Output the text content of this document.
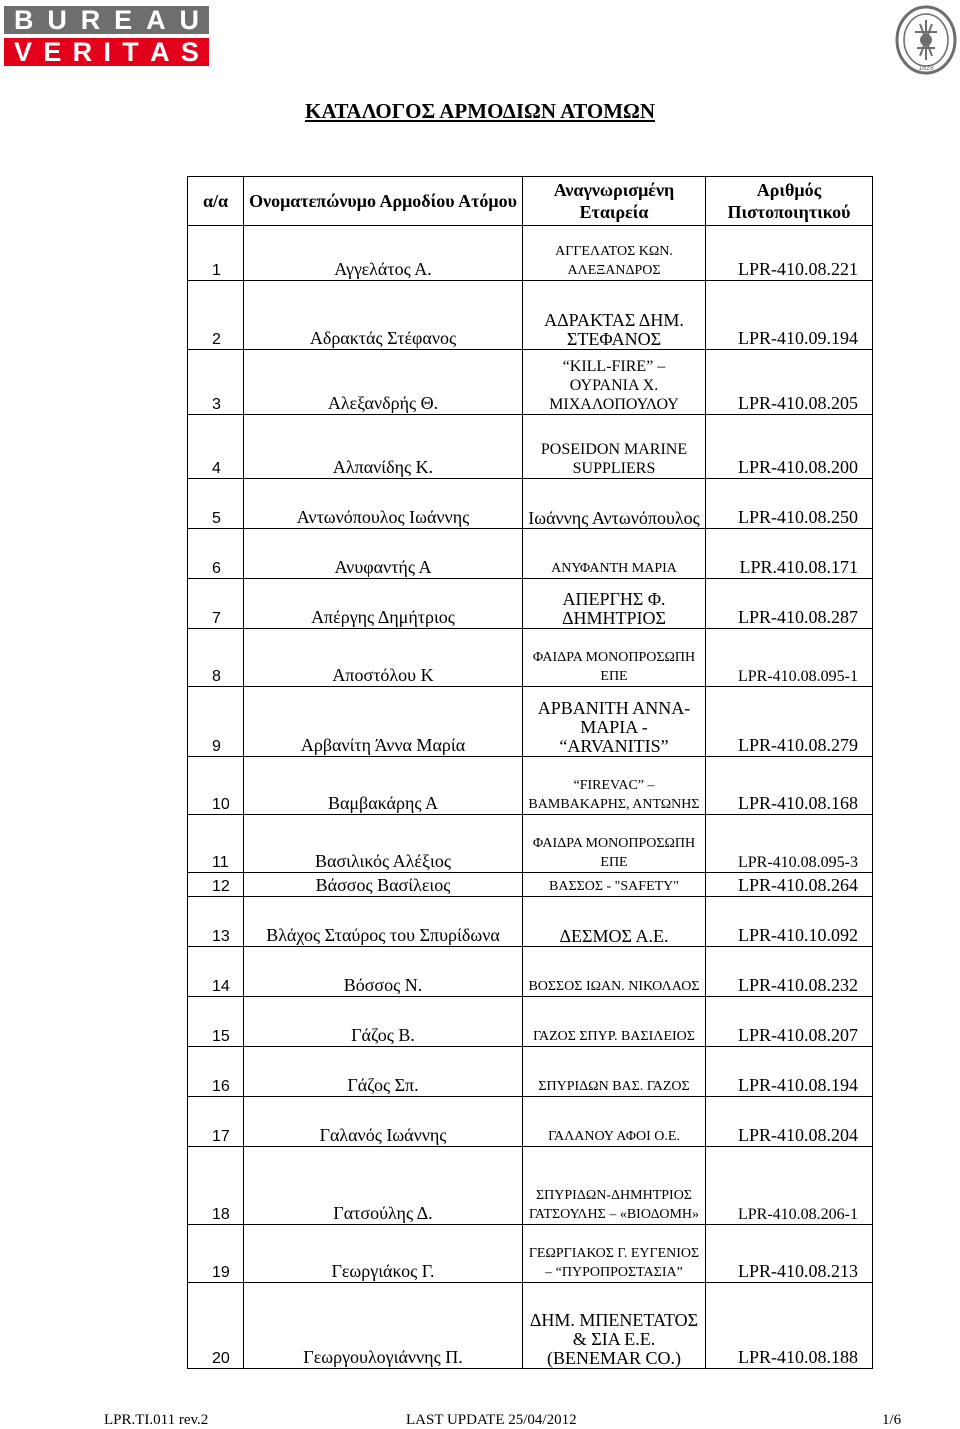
B U R E A U
V E R I T A S
1828
ΚΑΤΑΛΟΓΟΣ ΑΡΜΟΔΙΩΝ ΑΤΟΜΩΝ
α/α	Ονοματεπώνυμο Αρμοδίου Ατόμου	Αναγνωρισμένη Εταιρεία	Αριθμός Πιστοποιητικού
1	Αγγελάτος Α.	ΑΓΓΕΛΑΤΟΣ ΚΩΝ. ΑΛΕΞΑΝΔΡΟΣ	LPR-410.08.221
2	Αδρακτάς Στέφανος	ΑΔΡΑΚΤΑΣ ΔΗΜ. ΣΤΕΦΑΝΟΣ	LPR-410.09.194
3	Αλεξανδρής Θ.	“KILL-FIRE” – ΟΥΡΑΝΙΑ Χ. ΜΙΧΑΛΟΠΟΥΛΟΥ	LPR-410.08.205
4	Αλπανίδης Κ.	POSEIDON MARINE SUPPLIERS	LPR-410.08.200
5	Αντωνόπουλος Ιωάννης	Ιωάννης Αντωνόπουλος	LPR-410.08.250
6	Ανυφαντής Α	ΑΝΥΦΑΝΤΗ ΜΑΡΙΑ	LPR.410.08.171
7	Απέργης Δημήτριος	ΑΠΕΡΓΗΣ Φ. ΔΗΜΗΤΡΙΟΣ	LPR-410.08.287
8	Αποστόλου Κ	ΦΑΙΔΡΑ ΜΟΝΟΠΡΟΣΩΠΗ ΕΠΕ	LPR-410.08.095-1
9	Αρβανίτη Άννα Μαρία	ΑΡΒΑΝΙΤΗ ΑΝΝΑ-ΜΑΡΙΑ - “ARVANITIS”	LPR-410.08.279
10	Βαμβακάρης Α	“FIREVAC” – ΒΑΜΒΑΚΑΡΗΣ, ΑΝΤΩΝΗΣ	LPR-410.08.168
11	Βασιλικός Αλέξιος	ΦΑΙΔΡΑ ΜΟΝΟΠΡΟΣΩΠΗ ΕΠΕ	LPR-410.08.095-3
12	Βάσσος Βασίλειος	ΒΑΣΣΟΣ - "SAFETY"	LPR-410.08.264
13	Βλάχος Σταύρος του Σπυρίδωνα	ΔΕΣΜΟΣ Α.Ε.	LPR-410.10.092
14	Βόσσος Ν.	ΒΟΣΣΟΣ ΙΩΑΝ. ΝΙΚΟΛΑΟΣ	LPR-410.08.232
15	Γάζος Β.	ΓΑΖΟΣ ΣΠΥΡ. ΒΑΣΙΛΕΙΟΣ	LPR-410.08.207
16	Γάζος Σπ.	ΣΠΥΡΙΔΩΝ ΒΑΣ. ΓΑΖΟΣ	LPR-410.08.194
17	Γαλανός Ιωάννης	ΓΑΛΑΝΟΥ ΑΦΟΙ Ο.Ε.	LPR-410.08.204
18	Γατσούλης Δ.	ΣΠΥΡΙΔΩΝ-ΔΗΜΗΤΡΙΟΣ ΓΑΤΣΟΥΛΗΣ – «ΒΙΟΔΟΜΗ»	LPR-410.08.206-1
19	Γεωργιάκος Γ.	ΓΕΩΡΓΙΑΚΟΣ Γ. ΕΥΓΕΝΙΟΣ – “ΠΥΡΟΠΡΟΣΤΑΣΙΑ”	LPR-410.08.213
20	Γεωργουλογιάννης Π.	ΔΗΜ. ΜΠΕΝΕΤΑΤΟΣ & ΣΙΑ Ε.Ε. (BENEMAR CO.)	LPR-410.08.188
LPR.TI.011 rev.2	LAST UPDATE 25/04/2012	1/6
